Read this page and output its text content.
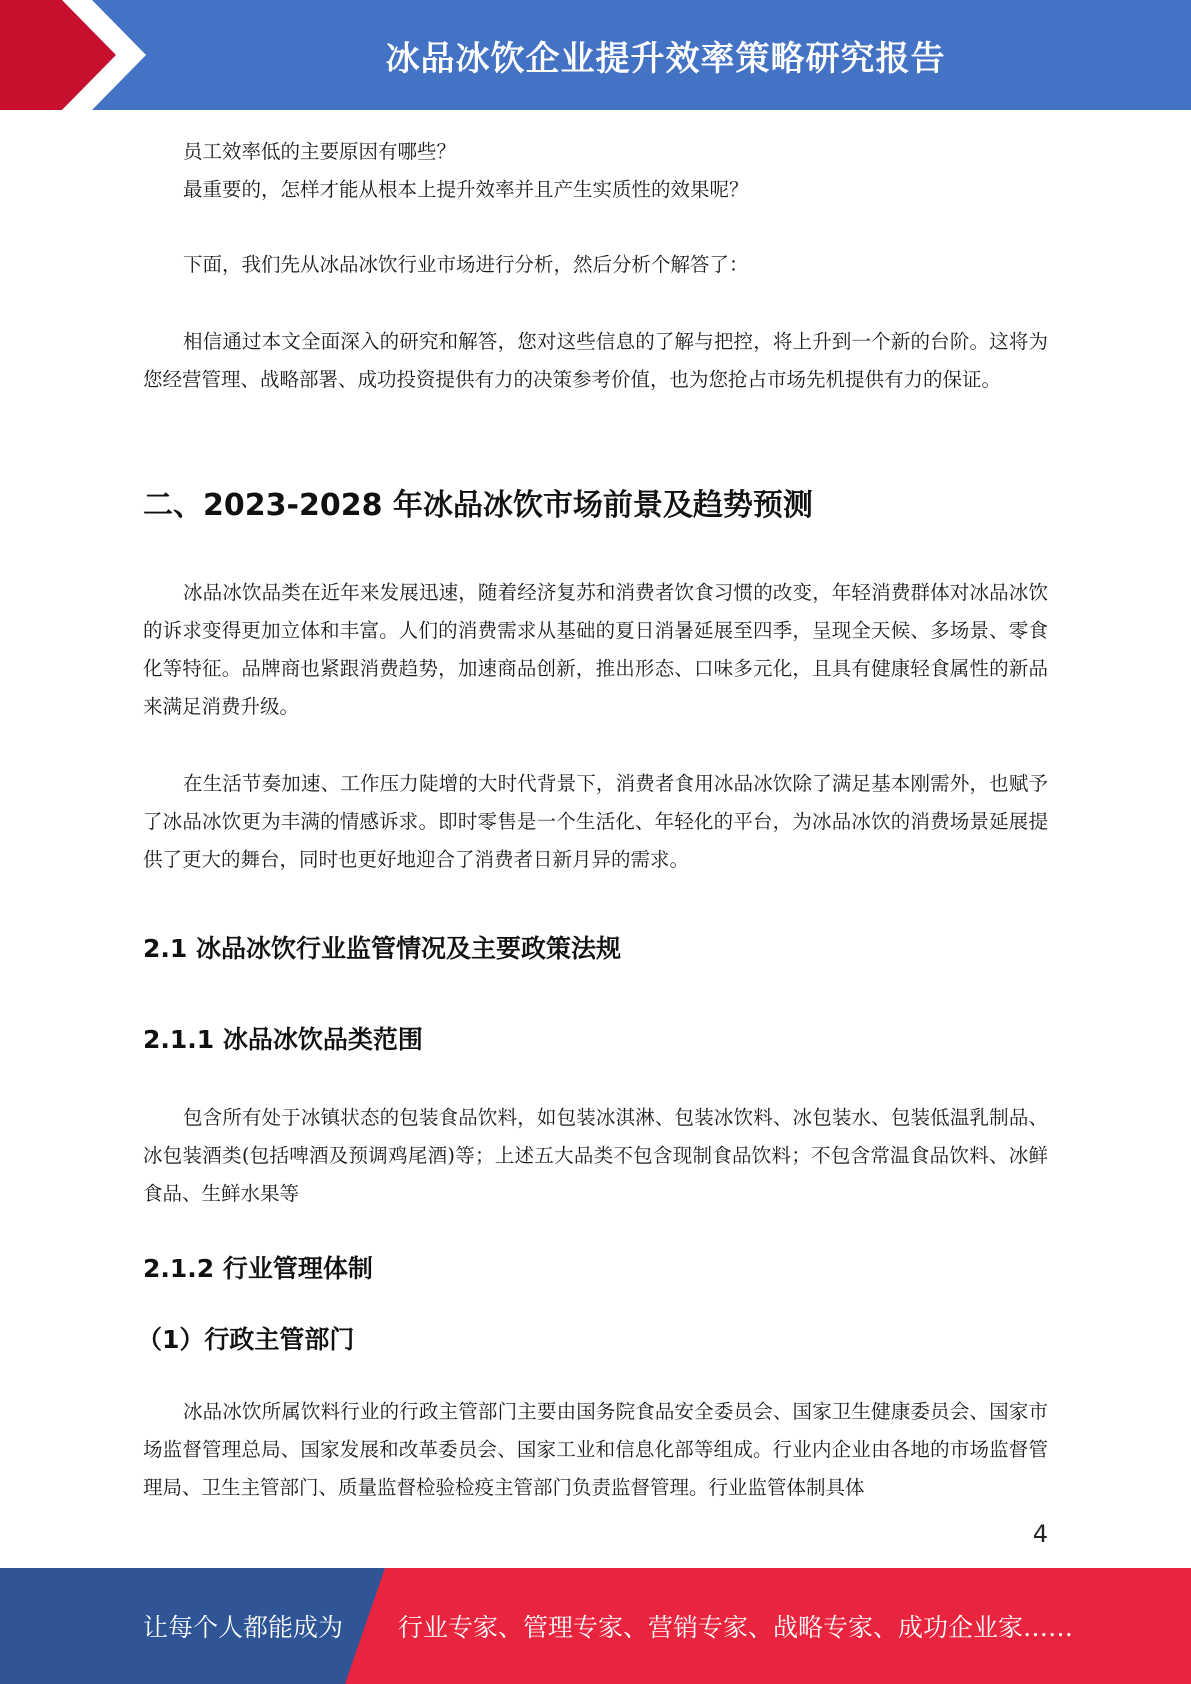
冰品冰饮企业提升效率策略研究报告

员工效率低的主要原因有哪些？

最重要的，怎样才能从根本上提升效率并且产生实质性的效果呢？

下面，我们先从冰品冰饮行业市场进行分析，然后分析个解答了：

相信通过本文全面深入的研究和解答，您对这些信息的了解与把控，将上升到一个新的台阶。这将为您经营管理、战略部署、成功投资提供有力的决策参考价值，也为您抢占市场先机提供有力的保证。

二、2023-2028 年冰品冰饮市场前景及趋势预测

冰品冰饮品类在近年来发展迅速，随着经济复苏和消费者饮食习惯的改变，年轻消费群体对冰品冰饮的诉求变得更加立体和丰富。人们的消费需求从基础的夏日消暑延展至四季，呈现全天候、多场景、零食化等特征。品牌商也紧跟消费趋势，加速商品创新，推出形态、口味多元化，且具有健康轻食属性的新品来满足消费升级。

在生活节奏加速、工作压力陡增的大时代背景下，消费者食用冰品冰饮除了满足基本刚需外，也赋予了冰品冰饮更为丰满的情感诉求。即时零售是一个生活化、年轻化的平台，为冰品冰饮的消费场景延展提供了更大的舞台，同时也更好地迎合了消费者日新月异的需求。

2.1 冰品冰饮行业监管情况及主要政策法规
2.1.1 冰品冰饮品类范围

包含所有处于冰镇状态的包装食品饮料，如包装冰淇淋、包装冰饮料、冰包装水、包装低温乳制品、冰包装酒类(包括啤酒及预调鸡尾酒)等；上述五大品类不包含现制食品饮料；不包含常温食品饮料、冰鲜食品、生鲜水果等

2.1.2 行业管理体制
（1）行政主管部门

冰品冰饮所属饮料行业的行政主管部门主要由国务院食品安全委员会、国家卫生健康委员会、国家市场监督管理总局、国家发展和改革委员会、国家工业和信息化部等组成。行业内企业由各地的市场监督管理局、卫生主管部门、质量监督检验检疫主管部门负责监督管理。行业监管体制具体

4
让每个人都能成为 行业专家、管理专家、营销专家、战略专家、成功企业家……
